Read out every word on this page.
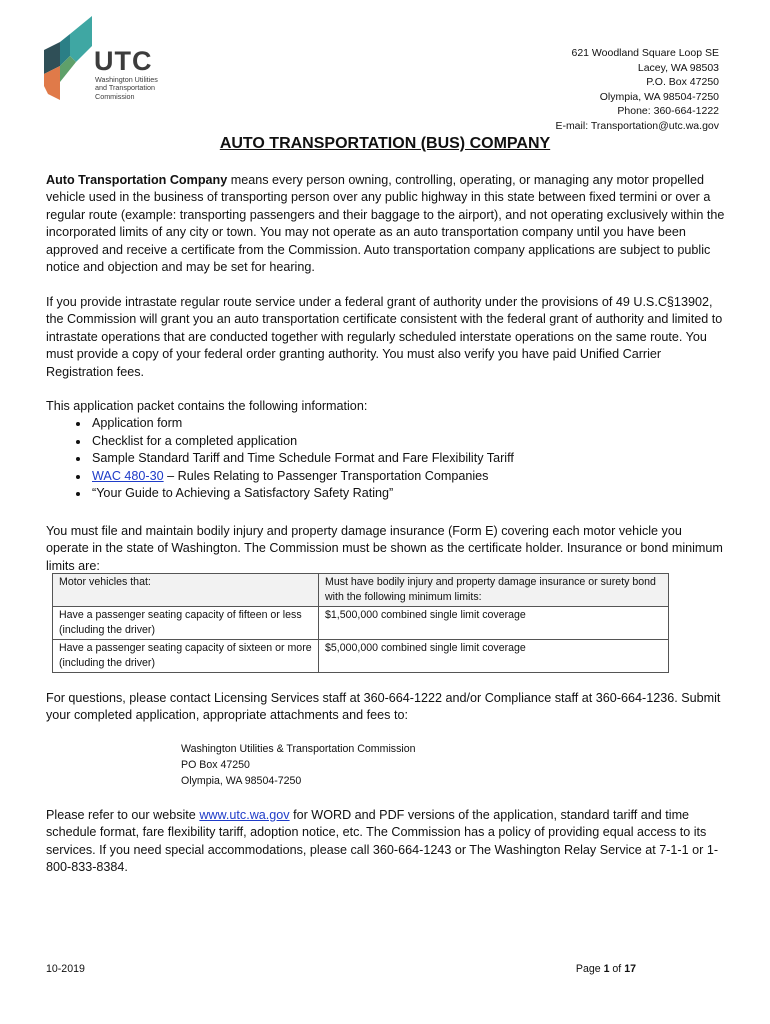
UTC
Washington Utilities
and Transportation
Commission
621 Woodland Square Loop SE
Lacey, WA 98503
P.O. Box 47250
Olympia, WA 98504-7250
Phone: 360-664-1222
E-mail: Transportation@utc.wa.gov
AUTO TRANSPORTATION (BUS) COMPANY
Auto Transportation Company means every person owning, controlling, operating, or managing any motor propelled vehicle used in the business of transporting person over any public highway in this state between fixed termini or over a regular route (example: transporting passengers and their baggage to the airport), and not operating exclusively within the incorporated limits of any city or town. You may not operate as an auto transportation company until you have been approved and receive a certificate from the Commission. Auto transportation company applications are subject to public notice and objection and may be set for hearing.
If you provide intrastate regular route service under a federal grant of authority under the provisions of 49 U.S.C§13902, the Commission will grant you an auto transportation certificate consistent with the federal grant of authority and limited to intrastate operations that are conducted together with regularly scheduled interstate operations on the same route. You must provide a copy of your federal order granting authority. You must also verify you have paid Unified Carrier Registration fees.
This application packet contains the following information:
• Application form
• Checklist for a completed application
• Sample Standard Tariff and Time Schedule Format and Fare Flexibility Tariff
• WAC 480-30 – Rules Relating to Passenger Transportation Companies
• “Your Guide to Achieving a Satisfactory Safety Rating”
You must file and maintain bodily injury and property damage insurance (Form E) covering each motor vehicle you operate in the state of Washington. The Commission must be shown as the certificate holder. Insurance or bond minimum limits are:
Motor vehicles that:	Must have bodily injury and property damage insurance or surety bond with the following minimum limits:
Have a passenger seating capacity of fifteen or less (including the driver)	$1,500,000 combined single limit coverage
Have a passenger seating capacity of sixteen or more (including the driver)	$5,000,000 combined single limit coverage
For questions, please contact Licensing Services staff at 360-664-1222 and/or Compliance staff at 360-664-1236. Submit your completed application, appropriate attachments and fees to:
Washington Utilities & Transportation Commission
PO Box 47250
Olympia, WA 98504-7250
Please refer to our website www.utc.wa.gov for WORD and PDF versions of the application, standard tariff and time schedule format, fare flexibility tariff, adoption notice, etc. The Commission has a policy of providing equal access to its services. If you need special accommodations, please call 360-664-1243 or The Washington Relay Service at 7-1-1 or 1-800-833-8384.
10-2019	Page 1 of 17
